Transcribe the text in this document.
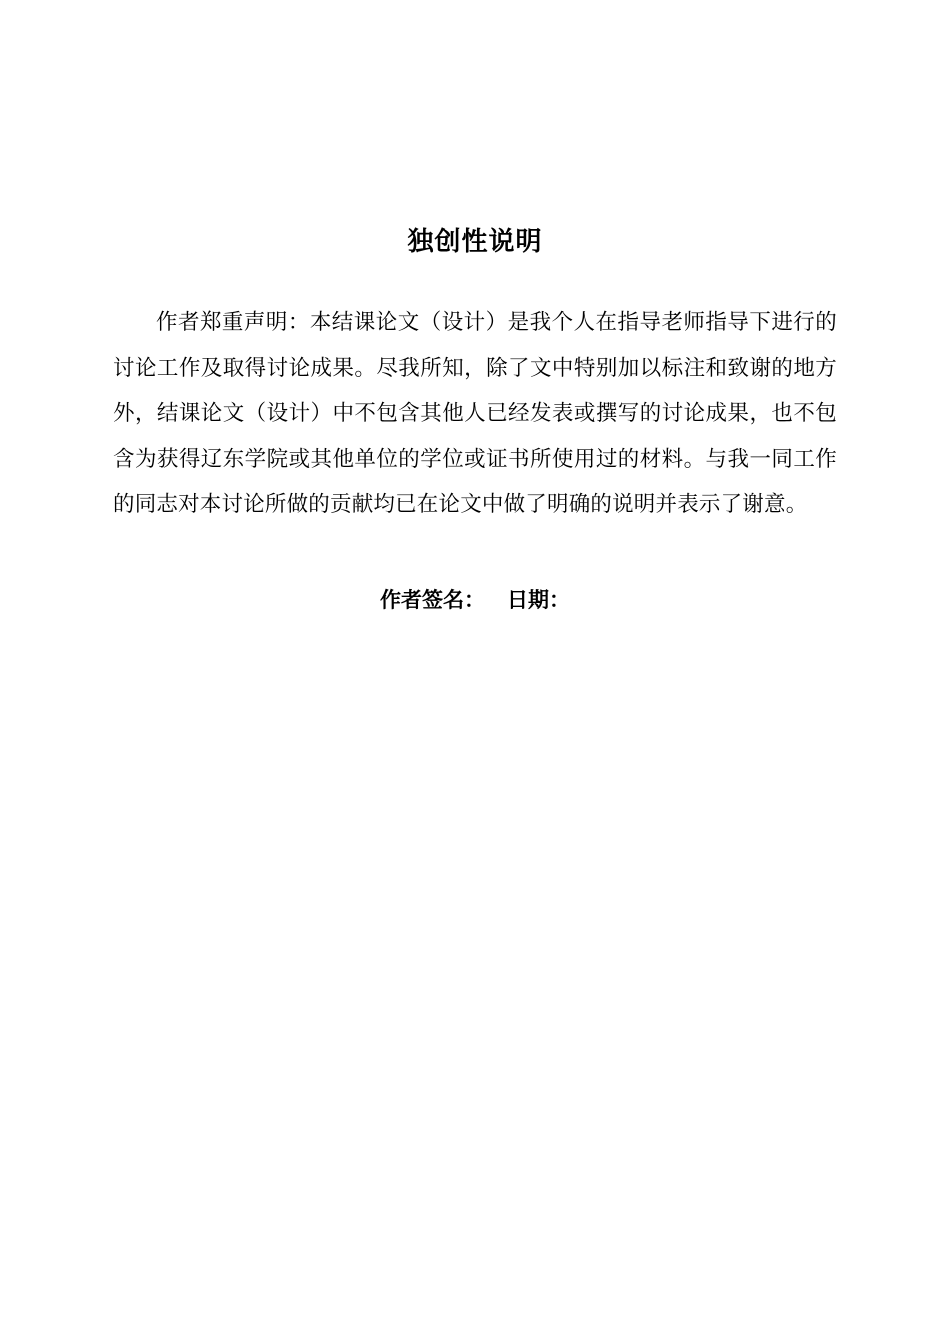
独创性说明

作者郑重声明：本结课论文（设计）是我个人在指导老师指导下进行的讨论工作及取得讨论成果。尽我所知，除了文中特别加以标注和致谢的地方外，结课论文（设计）中不包含其他人已经发表或撰写的讨论成果，也不包含为获得辽东学院或其他单位的学位或证书所使用过的材料。与我一同工作的同志对本讨论所做的贡献均已在论文中做了明确的说明并表示了谢意。

作者签名： 日期：
